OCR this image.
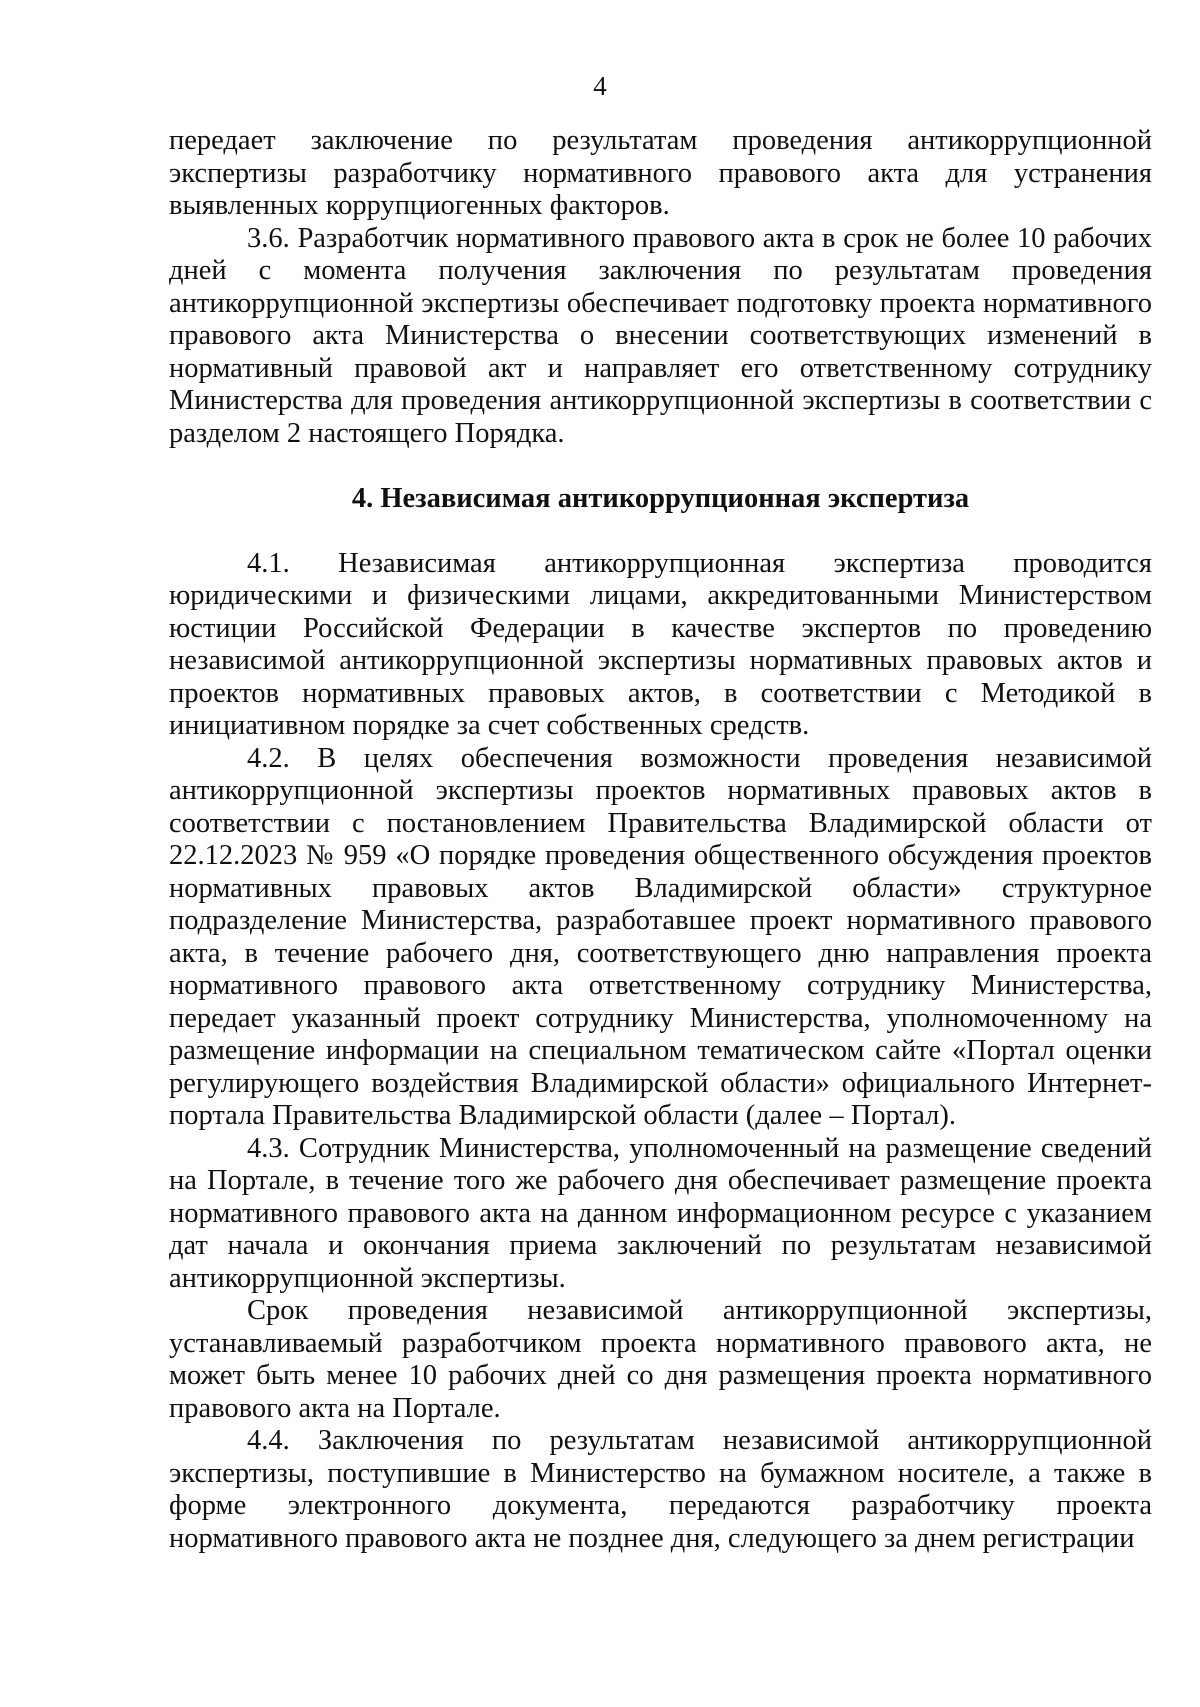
4

передает заключение по результатам проведения антикоррупционной экспертизы разработчику нормативного правового акта для устранения выявленных коррупциогенных факторов.

3.6. Разработчик нормативного правового акта в срок не более 10 рабочих дней с момента получения заключения по результатам проведения антикоррупционной экспертизы обеспечивает подготовку проекта нормативного правового акта Министерства о внесении соответствующих изменений в нормативный правовой акт и направляет его ответственному сотруднику Министерства для проведения антикоррупционной экспертизы в соответствии с разделом 2 настоящего Порядка.

4. Независимая антикоррупционная экспертиза

4.1. Независимая антикоррупционная экспертиза проводится юридическими и физическими лицами, аккредитованными Министерством юстиции Российской Федерации в качестве экспертов по проведению независимой антикоррупционной экспертизы нормативных правовых актов и проектов нормативных правовых актов, в соответствии с Методикой в инициативном порядке за счет собственных средств.

4.2. В целях обеспечения возможности проведения независимой антикоррупционной экспертизы проектов нормативных правовых актов в соответствии с постановлением Правительства Владимирской области от 22.12.2023 № 959 «О порядке проведения общественного обсуждения проектов нормативных правовых актов Владимирской области» структурное подразделение Министерства, разработавшее проект нормативного правового акта, в течение рабочего дня, соответствующего дню направления проекта нормативного правового акта ответственному сотруднику Министерства, передает указанный проект сотруднику Министерства, уполномоченному на размещение информации на специальном тематическом сайте «Портал оценки регулирующего воздействия Владимирской области» официального Интернет-портала Правительства Владимирской области (далее – Портал).

4.3. Сотрудник Министерства, уполномоченный на размещение сведений на Портале, в течение того же рабочего дня обеспечивает размещение проекта нормативного правового акта на данном информационном ресурсе с указанием дат начала и окончания приема заключений по результатам независимой антикоррупционной экспертизы.

Срок проведения независимой антикоррупционной экспертизы, устанавливаемый разработчиком проекта нормативного правового акта, не может быть менее 10 рабочих дней со дня размещения проекта нормативного правового акта на Портале.

4.4. Заключения по результатам независимой антикоррупционной экспертизы, поступившие в Министерство на бумажном носителе, а также в форме электронного документа, передаются разработчику проекта нормативного правового акта не позднее дня, следующего за днем регистрации
